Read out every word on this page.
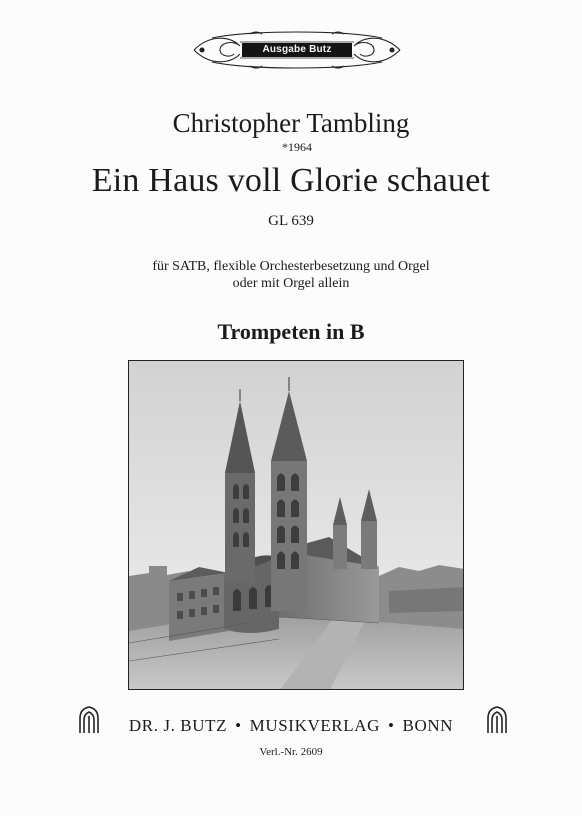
Ausgabe Butz
Christopher Tambling
*1964
Ein Haus voll Glorie schauet
GL 639
für SATB, flexible Orchesterbesetzung und Orgel
oder mit Orgel allein
Trompeten in B
DR. J. BUTZ • MUSIKVERLAG • BONN
Verl.-Nr. 2609
